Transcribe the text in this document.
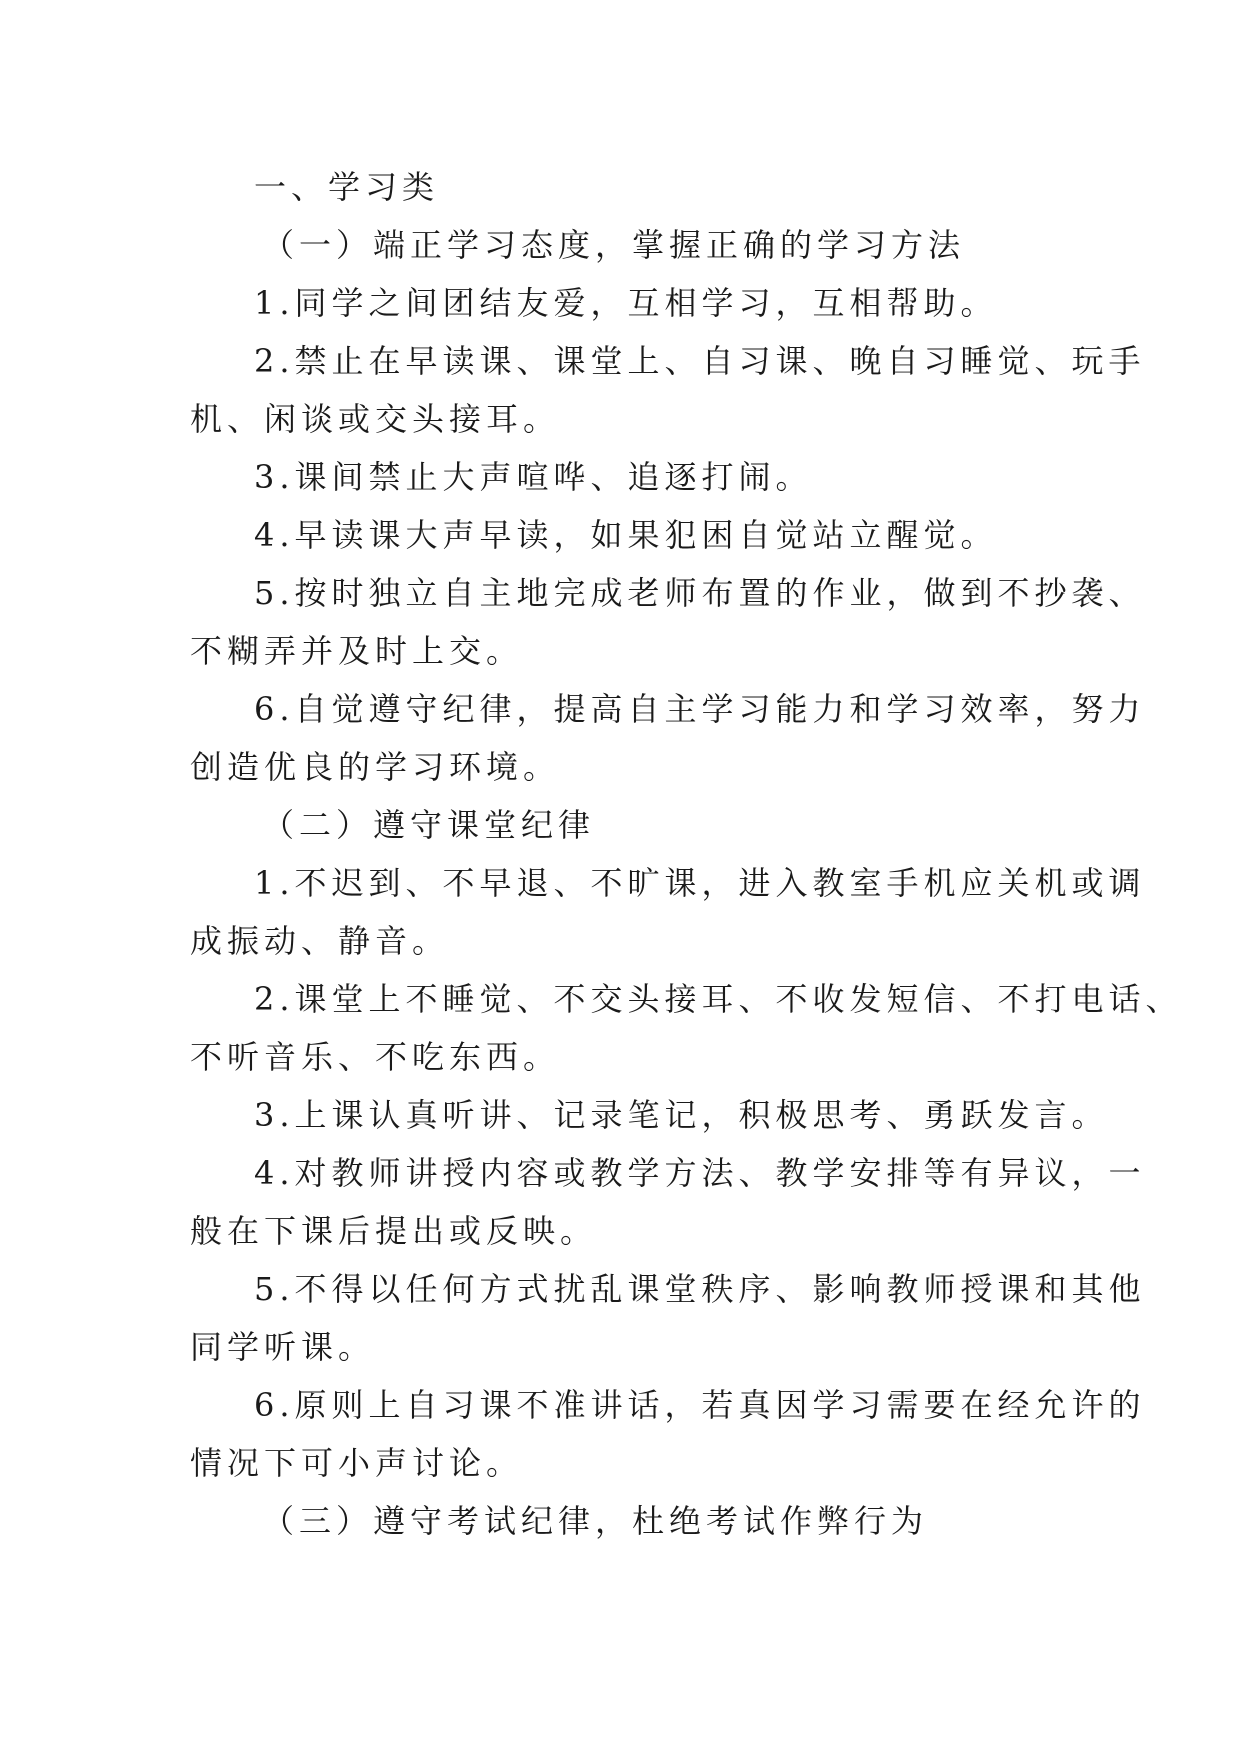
一、学习类
（一）端正学习态度，掌握正确的学习方法
1.同学之间团结友爱，互相学习，互相帮助。
2.禁止在早读课、课堂上、自习课、晚自习睡觉、玩手
机、闲谈或交头接耳。
3.课间禁止大声喧哗、追逐打闹。
4.早读课大声早读，如果犯困自觉站立醒觉。
5.按时独立自主地完成老师布置的作业，做到不抄袭、
不糊弄并及时上交。
6.自觉遵守纪律，提高自主学习能力和学习效率，努力
创造优良的学习环境。
（二）遵守课堂纪律
1.不迟到、不早退、不旷课，进入教室手机应关机或调
成振动、静音。
2.课堂上不睡觉、不交头接耳、不收发短信、不打电话、
不听音乐、不吃东西。
3.上课认真听讲、记录笔记，积极思考、勇跃发言。
4.对教师讲授内容或教学方法、教学安排等有异议，一
般在下课后提出或反映。
5.不得以任何方式扰乱课堂秩序、影响教师授课和其他
同学听课。
6.原则上自习课不准讲话，若真因学习需要在经允许的
情况下可小声讨论。
（三）遵守考试纪律，杜绝考试作弊行为
